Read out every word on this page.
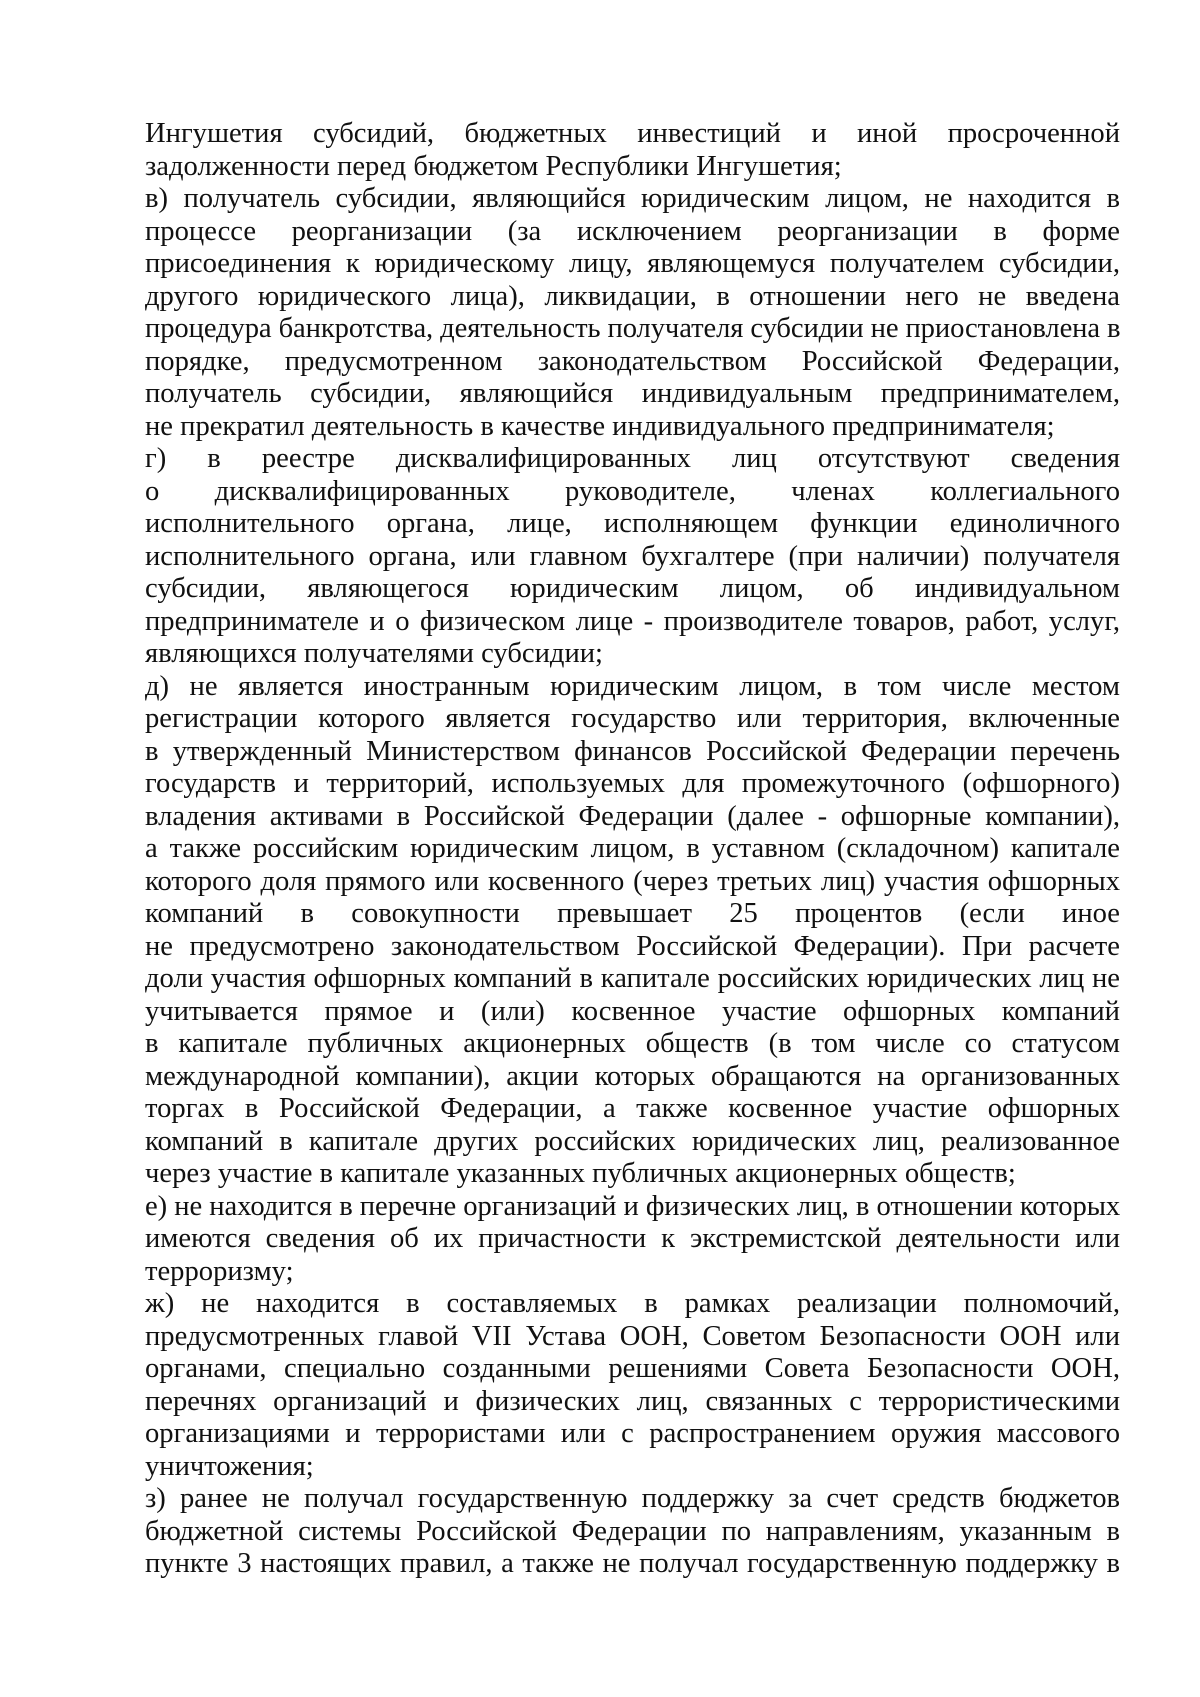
Ингушетия субсидий, бюджетных инвестиций и иной просроченной
задолженности перед бюджетом Республики Ингушетия;
в) получатель субсидии, являющийся юридическим лицом, не находится в
процессе реорганизации (за исключением реорганизации в форме
присоединения к юридическому лицу, являющемуся получателем субсидии,
другого юридического лица), ликвидации, в отношении него не введена
процедура банкротства, деятельность получателя субсидии не приостановлена в
порядке, предусмотренном законодательством Российской Федерации,
получатель субсидии, являющийся индивидуальным предпринимателем,
не прекратил деятельность в качестве индивидуального предпринимателя;
г) в реестре дисквалифицированных лиц отсутствуют сведения
о дисквалифицированных руководителе, членах коллегиального
исполнительного органа, лице, исполняющем функции единоличного
исполнительного органа, или главном бухгалтере (при наличии) получателя
субсидии, являющегося юридическим лицом, об индивидуальном
предпринимателе и о физическом лице - производителе товаров, работ, услуг,
являющихся получателями субсидии;
д) не является иностранным юридическим лицом, в том числе местом
регистрации которого является государство или территория, включенные
в утвержденный Министерством финансов Российской Федерации перечень
государств и территорий, используемых для промежуточного (офшорного)
владения активами в Российской Федерации (далее - офшорные компании),
а также российским юридическим лицом, в уставном (складочном) капитале
которого доля прямого или косвенного (через третьих лиц) участия офшорных
компаний в совокупности превышает 25 процентов (если иное
не предусмотрено законодательством Российской Федерации). При расчете
доли участия офшорных компаний в капитале российских юридических лиц не
учитывается прямое и (или) косвенное участие офшорных компаний
в капитале публичных акционерных обществ (в том числе со статусом
международной компании), акции которых обращаются на организованных
торгах в Российской Федерации, а также косвенное участие офшорных
компаний в капитале других российских юридических лиц, реализованное
через участие в капитале указанных публичных акционерных обществ;
е) не находится в перечне организаций и физических лиц, в отношении которых
имеются сведения об их причастности к экстремистской деятельности или
терроризму;
ж) не находится в составляемых в рамках реализации полномочий,
предусмотренных главой VII Устава ООН, Советом Безопасности ООН или
органами, специально созданными решениями Совета Безопасности ООН,
перечнях организаций и физических лиц, связанных с террористическими
организациями и террористами или с распространением оружия массового
уничтожения;
з) ранее не получал государственную поддержку за счет средств бюджетов
бюджетной системы Российской Федерации по направлениям, указанным в
пункте 3 настоящих правил, а также не получал государственную поддержку в
